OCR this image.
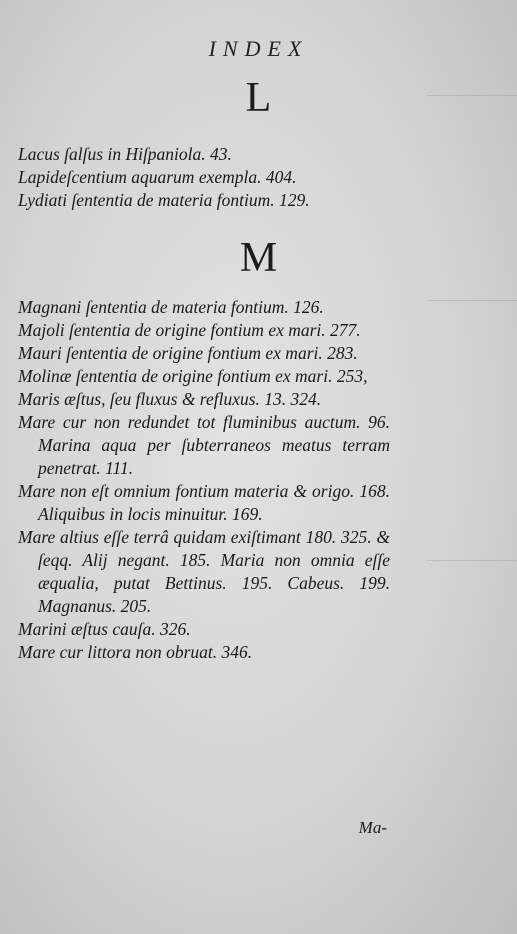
INDEX
L

Lacus ſalſus in Hiſpaniola. 43.

Lapideſcentium aquarum exempla. 404.

Lydiati ſententia de materia fontium. 129.

M

Magnani ſententia de materia fontium. 126.

Majoli ſententia de origine fontium ex mari. 277.

Mauri ſententia de origine fontium ex mari. 283.

Molinæ ſententia de origine fontium ex mari. 253,

Maris æſtus, ſeu fluxus & refluxus. 13. 324.

Mare cur non redundet tot fluminibus auctum. 96. Marina aqua per ſubterraneos meatus terram penetrat. 111.

Mare non eſt omnium fontium materia & origo. 168. Aliquibus in locis minuitur. 169.

Mare altius eſſe terrâ quidam exiſtimant 180. 325. & ſeqq. Alij negant. 185. Maria non omnia eſſe æqualia, putat Bettinus. 195. Cabeus. 199. Magnanus. 205.

Marini æſtus cauſa. 326.

Mare cur littora non obruat. 346.

Ma-
